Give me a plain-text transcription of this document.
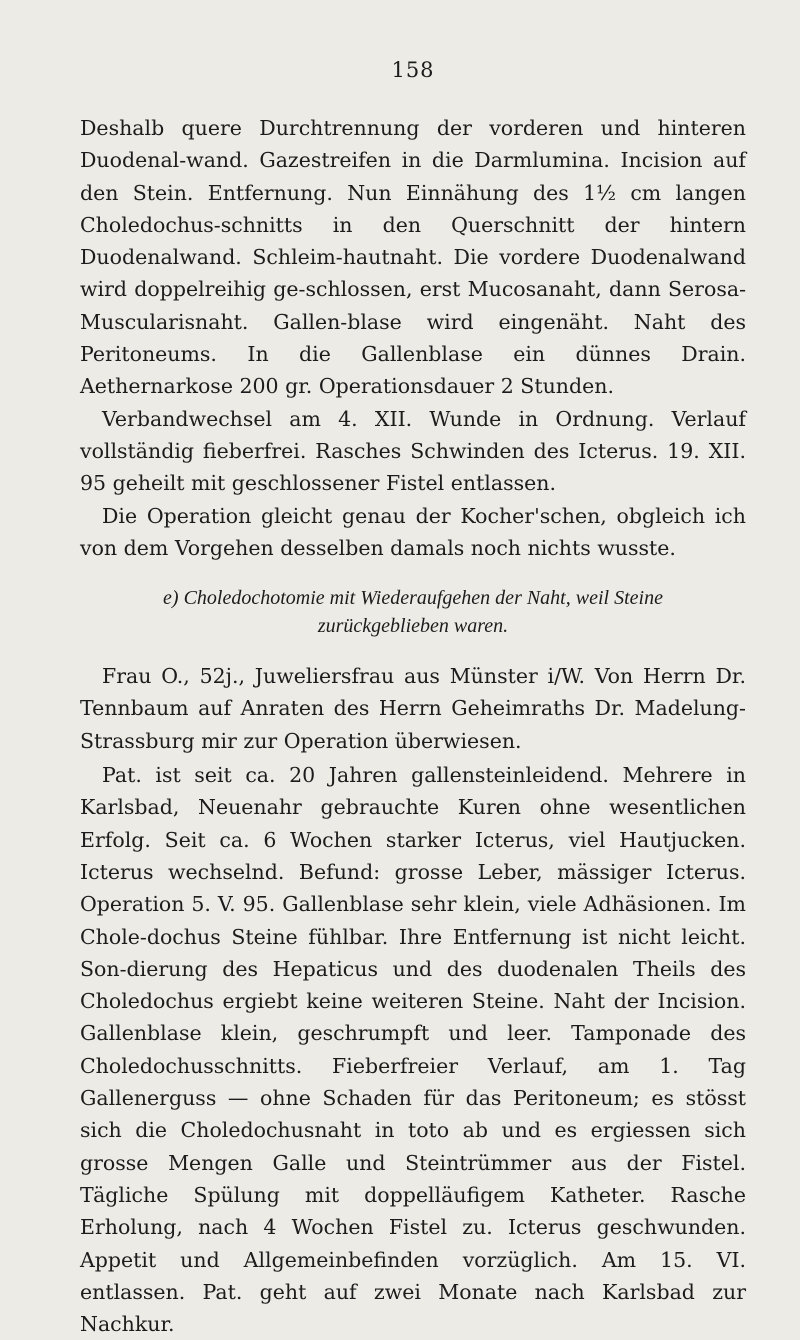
158

Deshalb quere Durchtrennung der vorderen und hinteren Duodenal-wand. Gazestreifen in die Darmlumina. Incision auf den Stein. Entfernung. Nun Einnähung des 1½ cm langen Choledochus-schnitts in den Querschnitt der hintern Duodenalwand. Schleim-hautnaht. Die vordere Duodenalwand wird doppelreihig ge-schlossen, erst Mucosanaht, dann Serosa-Muscularisnaht. Gallen-blase wird eingenäht. Naht des Peritoneums. In die Gallenblase ein dünnes Drain. Aethernarkose 200 gr. Operationsdauer 2 Stunden.

Verbandwechsel am 4. XII. Wunde in Ordnung. Verlauf vollständig fieberfrei. Rasches Schwinden des Icterus. 19. XII. 95 geheilt mit geschlossener Fistel entlassen.

Die Operation gleicht genau der Kocher'schen, obgleich ich von dem Vorgehen desselben damals noch nichts wusste.

e) Choledochotomie mit Wiederaufgehen der Naht, weil Steine
zurückgeblieben waren.

Frau O., 52j., Juweliersfrau aus Münster i/W. Von Herrn Dr. Tennbaum auf Anraten des Herrn Geheimraths Dr. Madelung-Strassburg mir zur Operation überwiesen.

Pat. ist seit ca. 20 Jahren gallensteinleidend. Mehrere in Karlsbad, Neuenahr gebrauchte Kuren ohne wesentlichen Erfolg. Seit ca. 6 Wochen starker Icterus, viel Hautjucken. Icterus wechselnd. Befund: grosse Leber, mässiger Icterus. Operation 5. V. 95. Gallenblase sehr klein, viele Adhäsionen. Im Chole-dochus Steine fühlbar. Ihre Entfernung ist nicht leicht. Son-dierung des Hepaticus und des duodenalen Theils des Choledochus ergiebt keine weiteren Steine. Naht der Incision. Gallenblase klein, geschrumpft und leer. Tamponade des Choledochusschnitts. Fieberfreier Verlauf, am 1. Tag Gallenerguss — ohne Schaden für das Peritoneum; es stösst sich die Choledochusnaht in toto ab und es ergiessen sich grosse Mengen Galle und Steintrümmer aus der Fistel. Tägliche Spülung mit doppelläufigem Katheter. Rasche Erholung, nach 4 Wochen Fistel zu. Icterus geschwunden. Appetit und Allgemeinbefinden vorzüglich. Am 15. VI. entlassen. Pat. geht auf zwei Monate nach Karlsbad zur Nachkur.
